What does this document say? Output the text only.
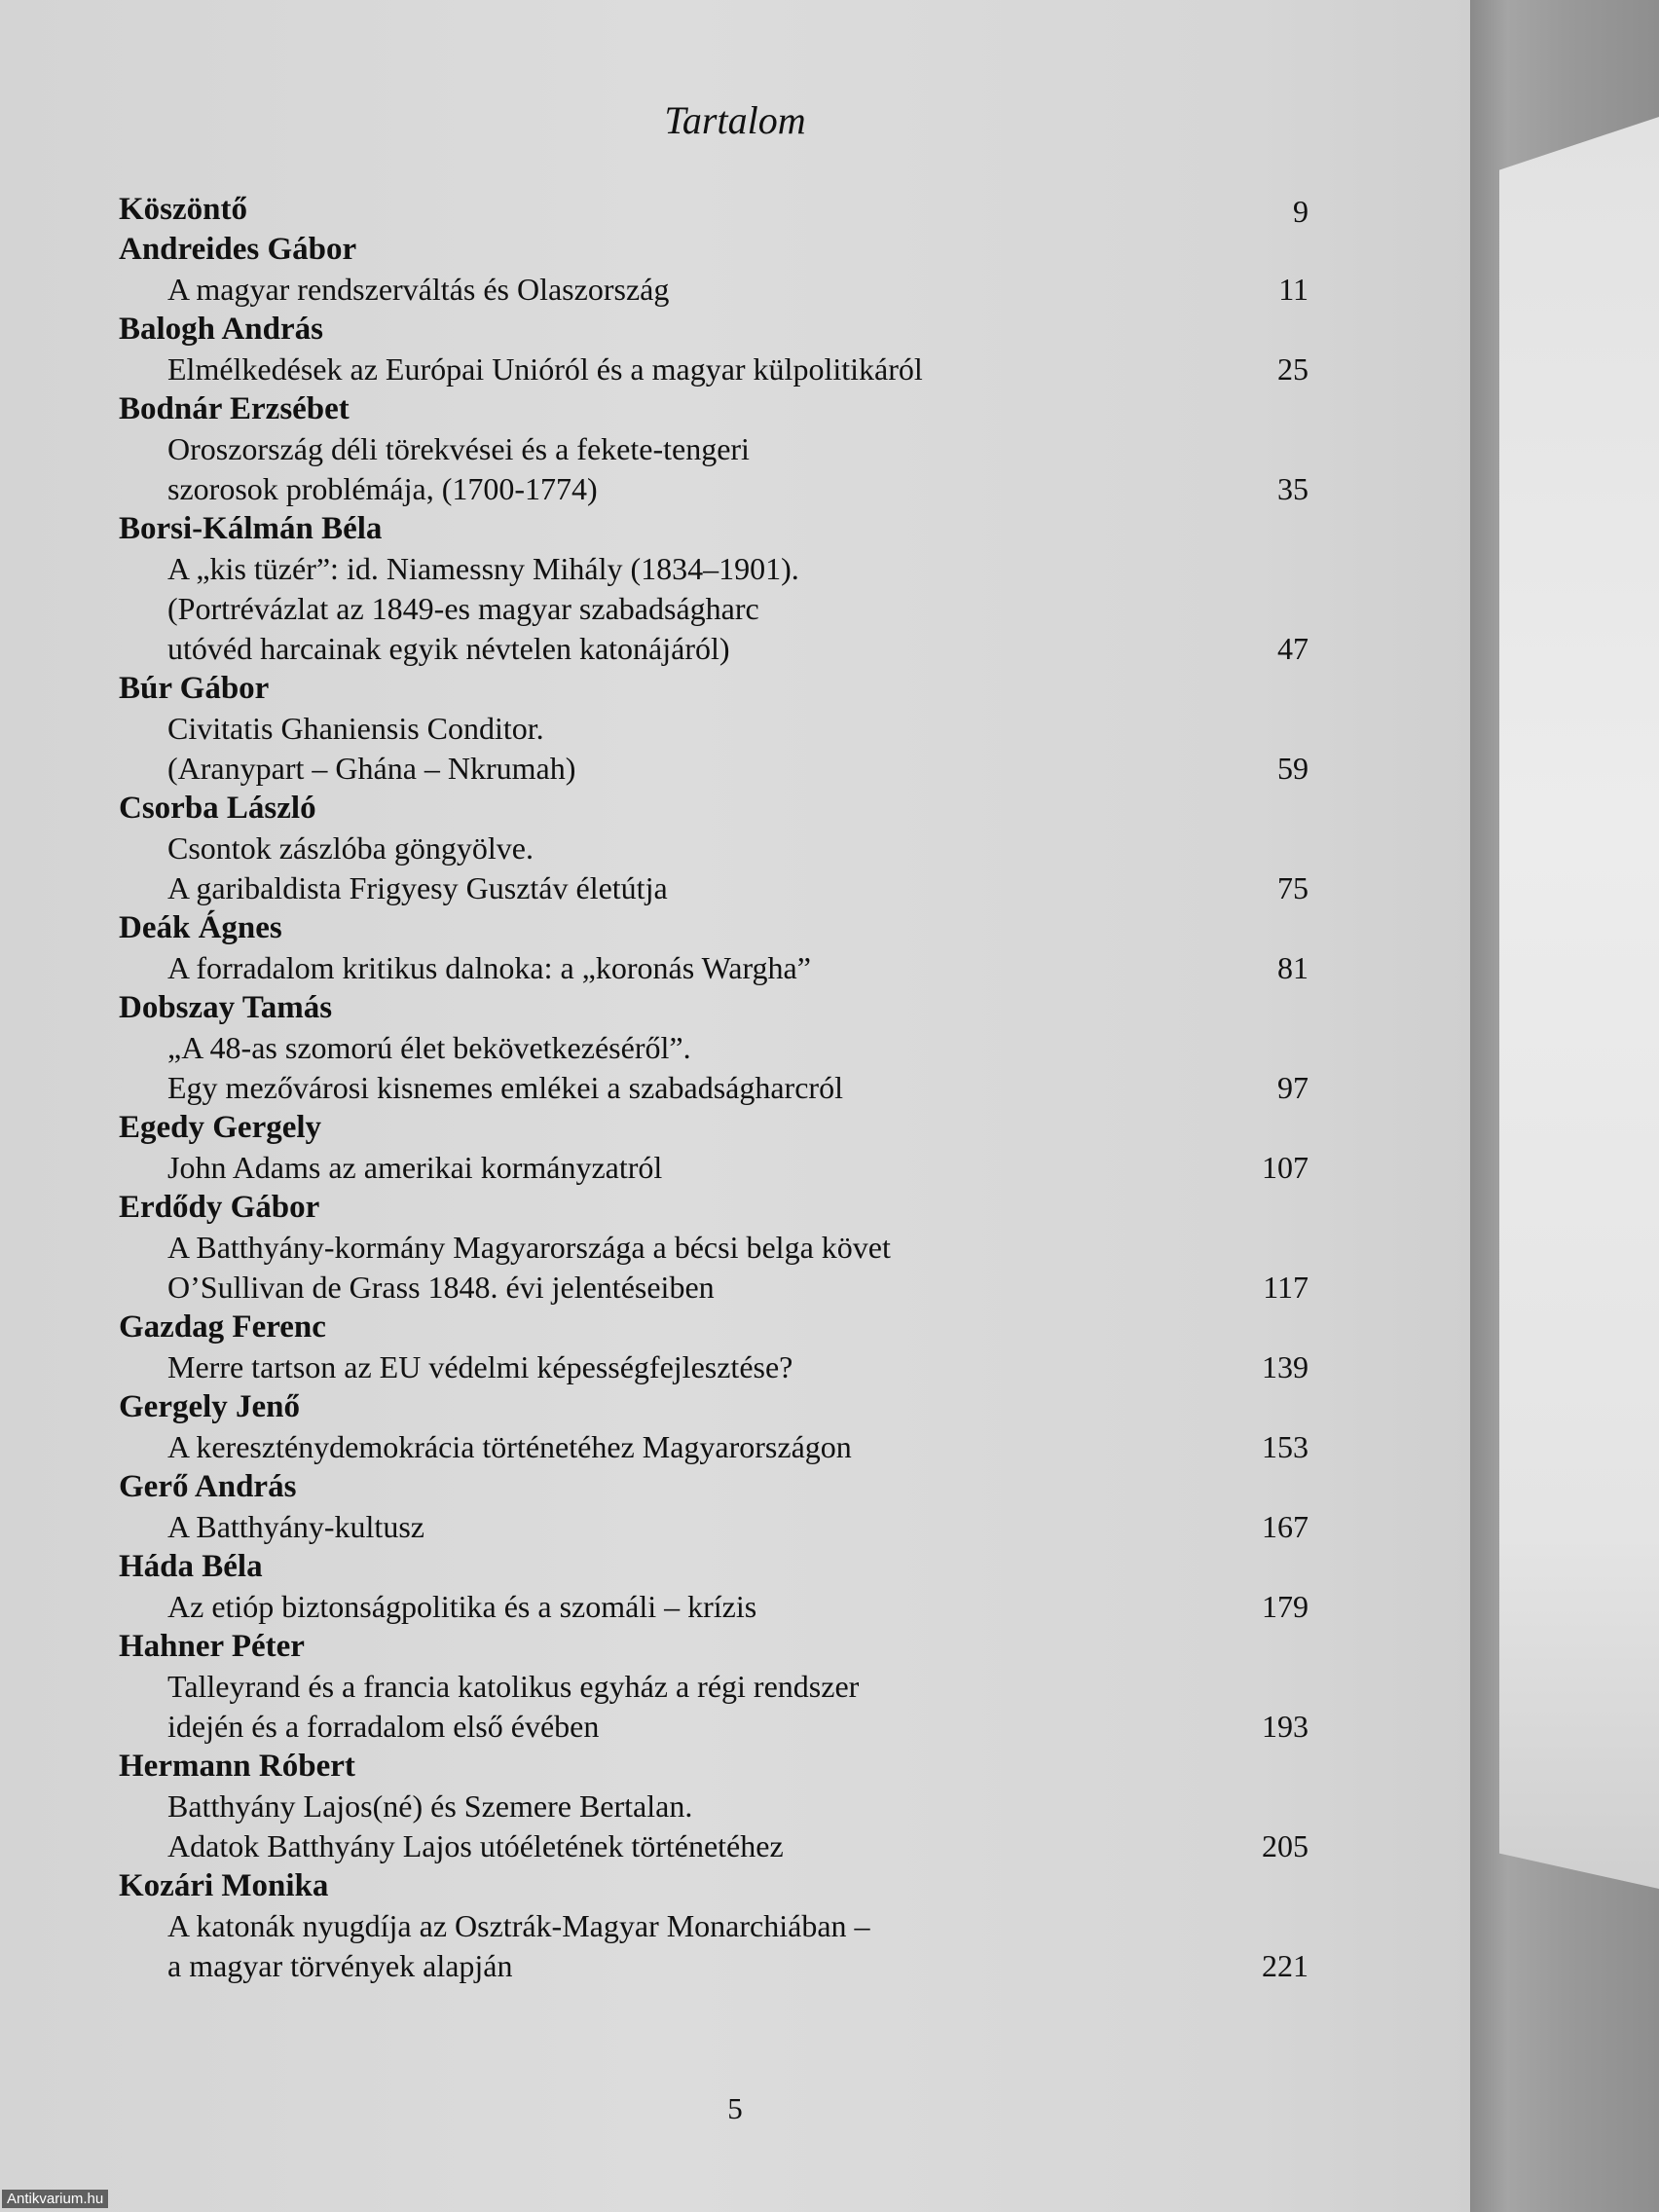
Tartalom
Köszöntő	9
Andreides Gábor
A magyar rendszerváltás és Olaszország	11
Balogh András
Elmélkedések az Európai Unióról és a magyar külpolitikáról	25
Bodnár Erzsébet
Oroszország déli törekvései és a fekete-tengeri
szorosok problémája, (1700-1774)	35
Borsi-Kálmán Béla
A „kis tüzér”: id. Niamessny Mihály (1834–1901).
(Portrévázlat az 1849-es magyar szabadságharc
utóvéd harcainak egyik névtelen katonájáról)	47
Búr Gábor
Civitatis Ghaniensis Conditor.
(Aranypart – Ghána – Nkrumah)	59
Csorba László
Csontok zászlóba göngyölve.
A garibaldista Frigyesy Gusztáv életútja	75
Deák Ágnes
A forradalom kritikus dalnoka: a „koronás Wargha”	81
Dobszay Tamás
„A 48-as szomorú élet bekövetkezéséről”.
Egy mezővárosi kisnemes emlékei a szabadságharcról	97
Egedy Gergely
John Adams az amerikai kormányzatról	107
Erdődy Gábor
A Batthyány-kormány Magyarországa a bécsi belga követ
O’Sullivan de Grass 1848. évi jelentéseiben	117
Gazdag Ferenc
Merre tartson az EU védelmi képességfejlesztése?	139
Gergely Jenő
A kereszténydemokrácia történetéhez Magyarországon	153
Gerő András
A Batthyány-kultusz	167
Háda Béla
Az etióp biztonságpolitika és a szomáli – krízis	179
Hahner Péter
Talleyrand és a francia katolikus egyház a régi rendszer
idején és a forradalom első évében	193
Hermann Róbert
Batthyány Lajos(né) és Szemere Bertalan.
Adatok Batthyány Lajos utóéletének történetéhez	205
Kozári Monika
A katonák nyugdíja az Osztrák-Magyar Monarchiában –
a magyar törvények alapján	221
5
Antikvarium.hu
